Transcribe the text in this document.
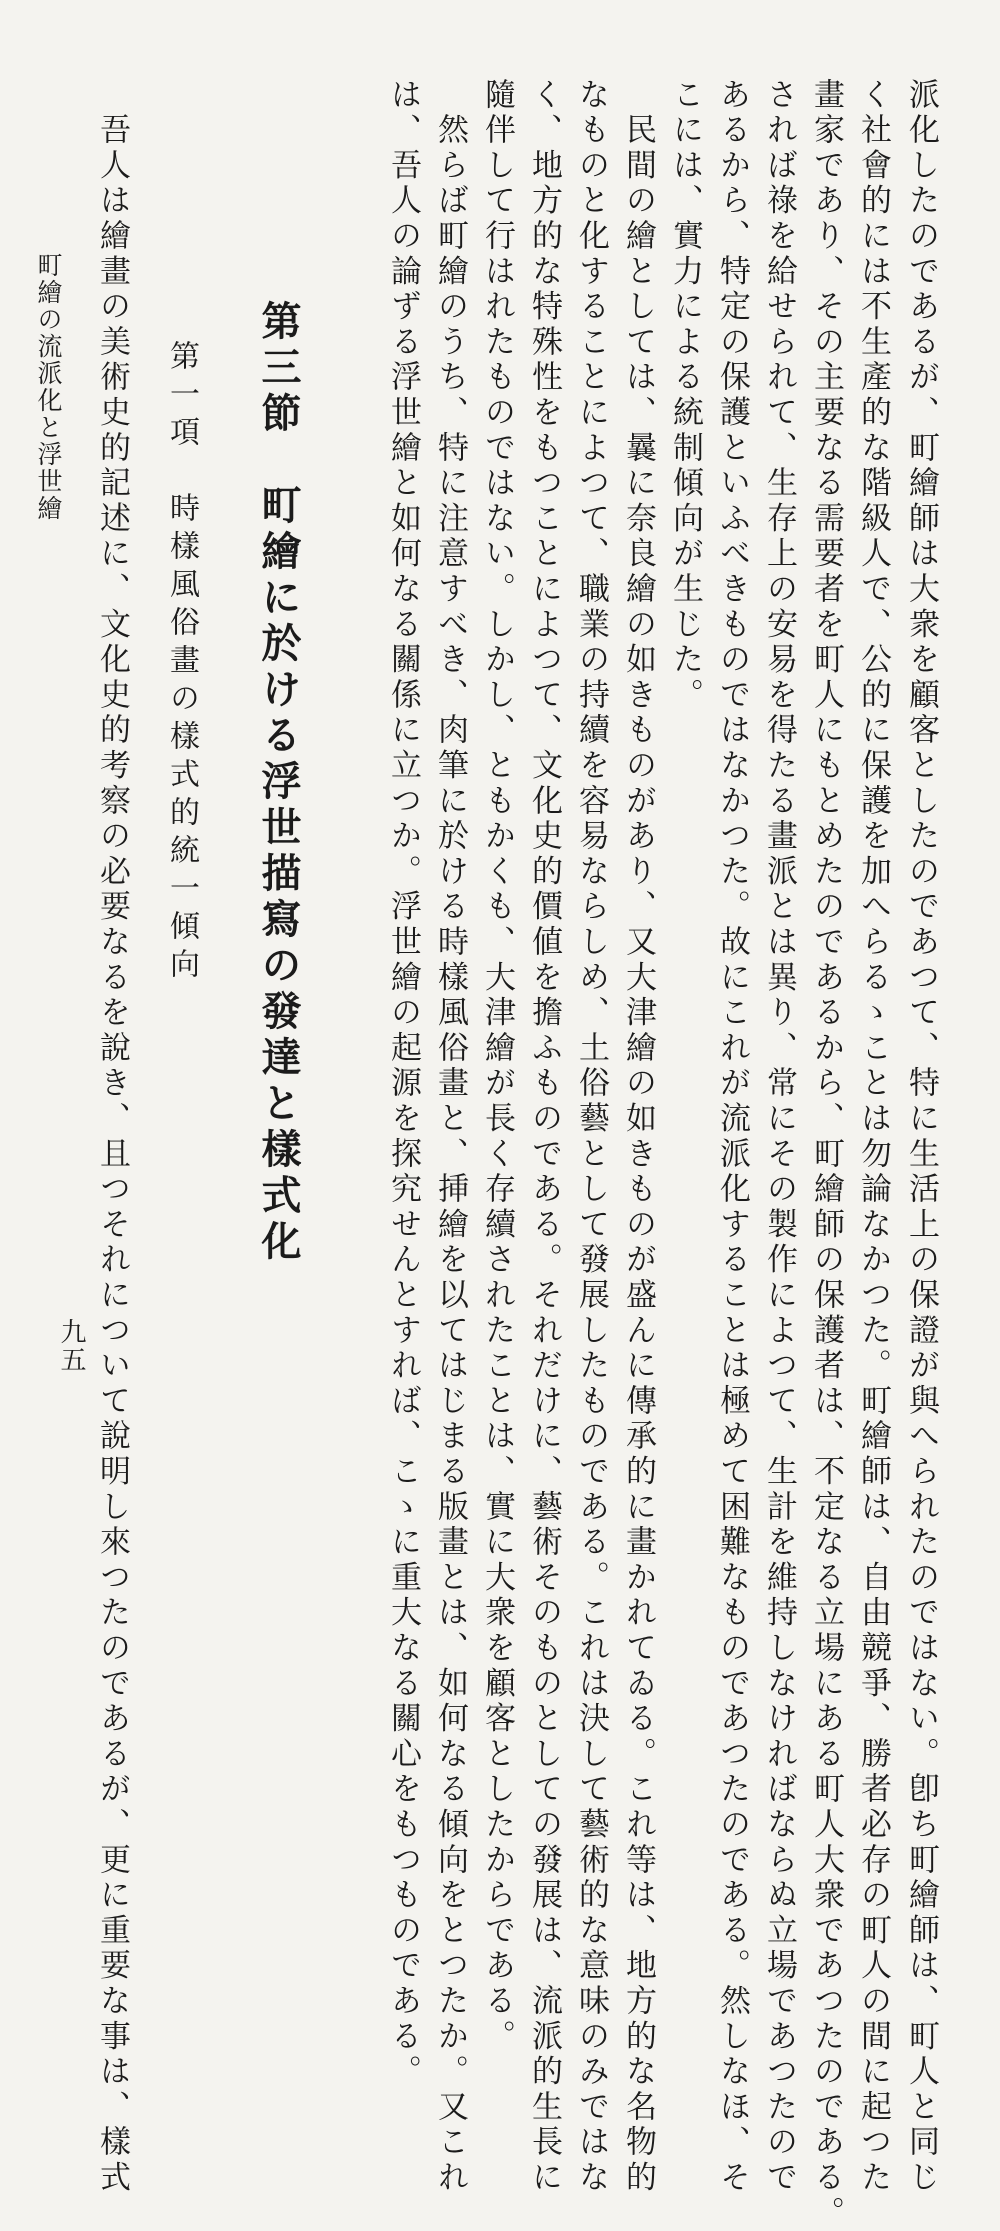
派化したのであるが、町繪師は大衆を顧客としたのであつて、特に生活上の保證が與へられたのではない。卽ち町繪師は、町人と同じ
く社會的には不生產的な階級人で、公的に保護を加へらるゝことは勿論なかつた。町繪師は、自由競爭、勝者必存の町人の間に起つた
畫家であり、その主要なる需要者を町人にもとめたのであるから、町繪師の保護者は、不定なる立場にある町人大衆であつたのである。
されば祿を給せられて、生存上の安易を得たる畫派とは異り、常にその製作によつて、生計を維持しなければならぬ立場であつたので
あるから、特定の保護といふべきものではなかつた。故にこれが流派化することは極めて困難なものであつたのである。然しなほ、そ
こには、實力による統制傾向が生じた。
　民間の繪としては、曩に奈良繪の如きものがあり、又大津繪の如きものが盛んに傳承的に畫かれてゐる。これ等は、地方的な名物的
なものと化することによつて、職業の持續を容易ならしめ、土俗藝として發展したものである。これは決して藝術的な意味のみではな
く、地方的な特殊性をもつことによつて、文化史的價値を擔ふものである。それだけに、藝術そのものとしての發展は、流派的生長に
隨伴して行はれたものではない。しかし、ともかくも、大津繪が長く存續されたことは、實に大衆を顧客としたからである。
　然らば町繪のうち、特に注意すべき、肉筆に於ける時樣風俗畫と、挿繪を以てはじまる版畫とは、如何なる傾向をとつたか。又これ
は、吾人の論ずる浮世繪と如何なる關係に立つか。浮世繪の起源を探究せんとすれば、こゝに重大なる關心をもつものである。
第三節　町繪に於ける浮世描寫の發達と樣式化
第一項　時樣風俗畫の樣式的統一傾向
　吾人は繪畫の美術史的記述に、文化史的考察の必要なるを說き、且つそれについて說明し來つたのであるが、更に重要な事は、樣式
町繪の流派化と浮世繪
九五
